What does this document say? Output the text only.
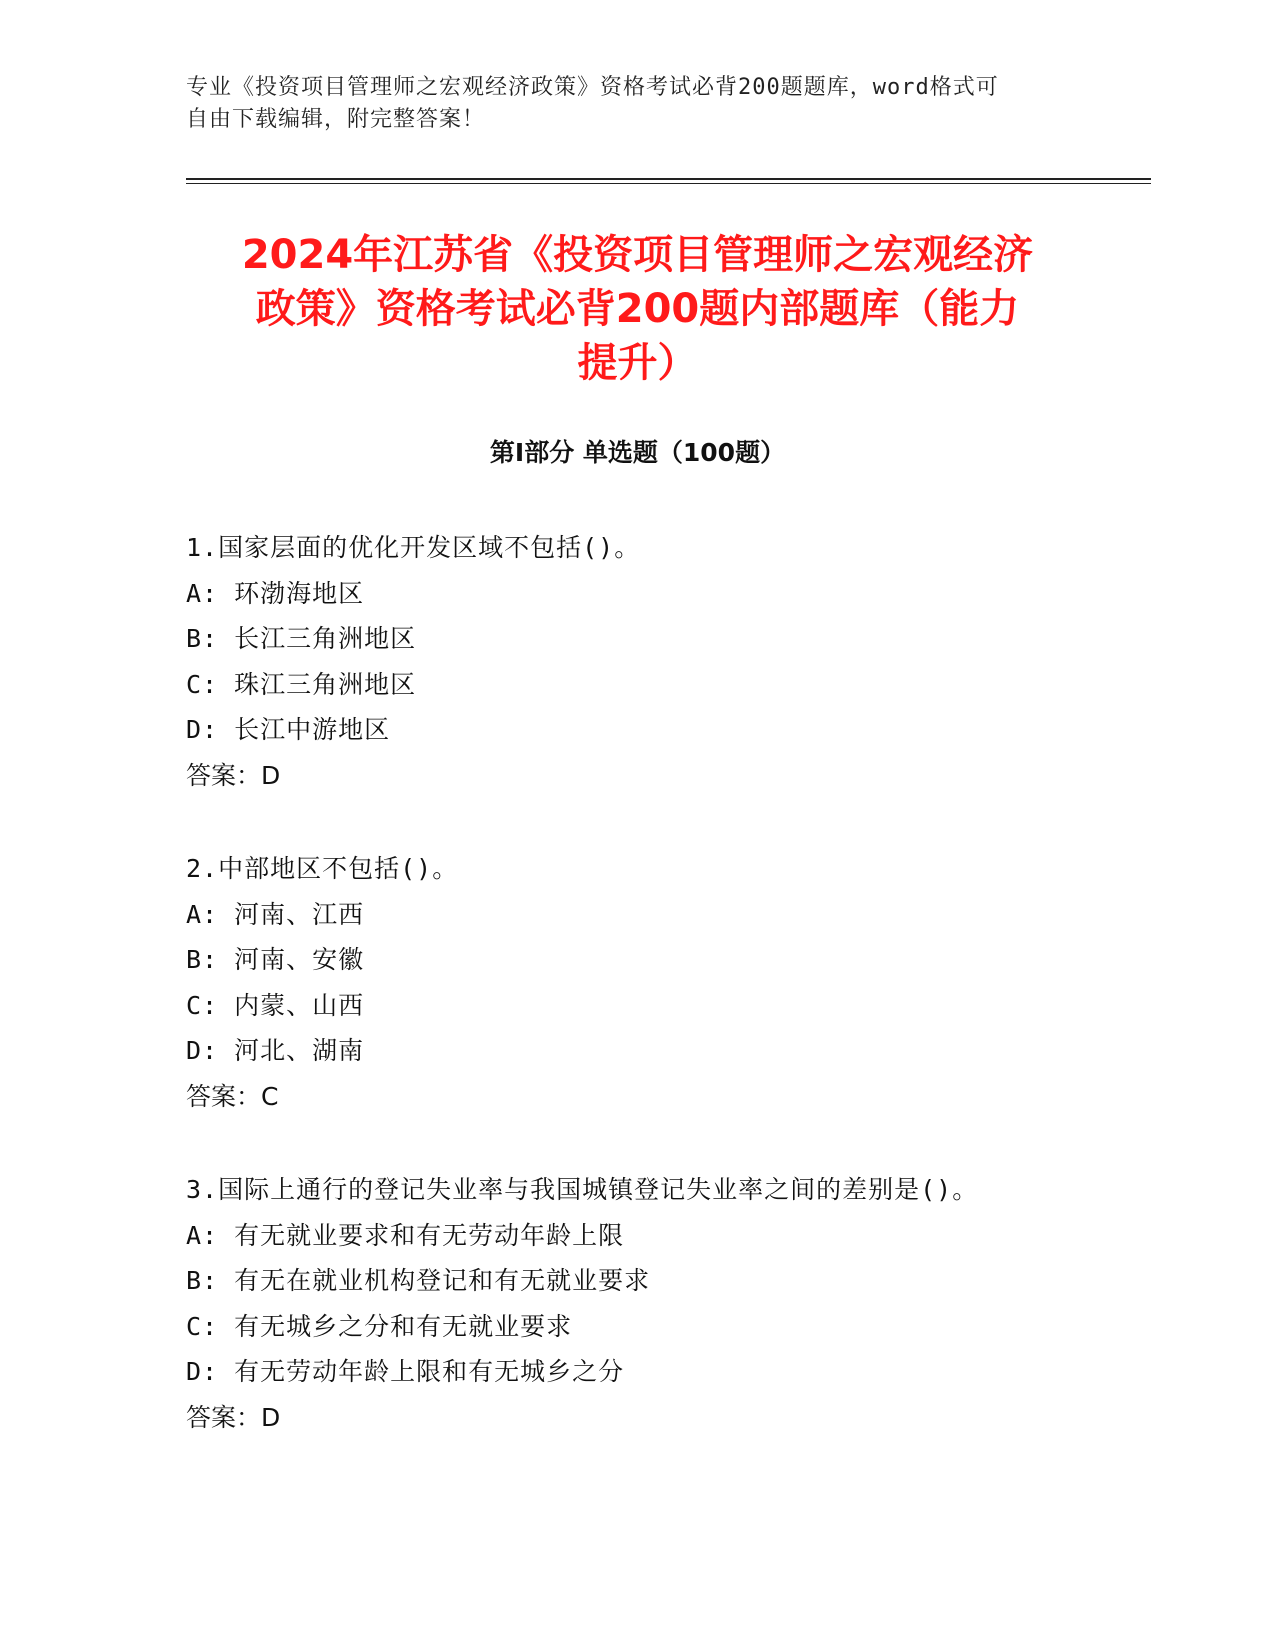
专业《投资项目管理师之宏观经济政策》资格考试必背200题题库，word格式可
自由下载编辑，附完整答案！
2024年江苏省《投资项目管理师之宏观经济
政策》资格考试必背200题内部题库（能力
提升）
第Ⅰ部分 单选题（100题）
1.国家层面的优化开发区域不包括()。
A: 环渤海地区
B: 长江三角洲地区
C: 珠江三角洲地区
D: 长江中游地区
答案：D
2.中部地区不包括()。
A: 河南、江西
B: 河南、安徽
C: 内蒙、山西
D: 河北、湖南
答案：C
3.国际上通行的登记失业率与我国城镇登记失业率之间的差别是()。
A: 有无就业要求和有无劳动年龄上限
B: 有无在就业机构登记和有无就业要求
C: 有无城乡之分和有无就业要求
D: 有无劳动年龄上限和有无城乡之分
答案：D
